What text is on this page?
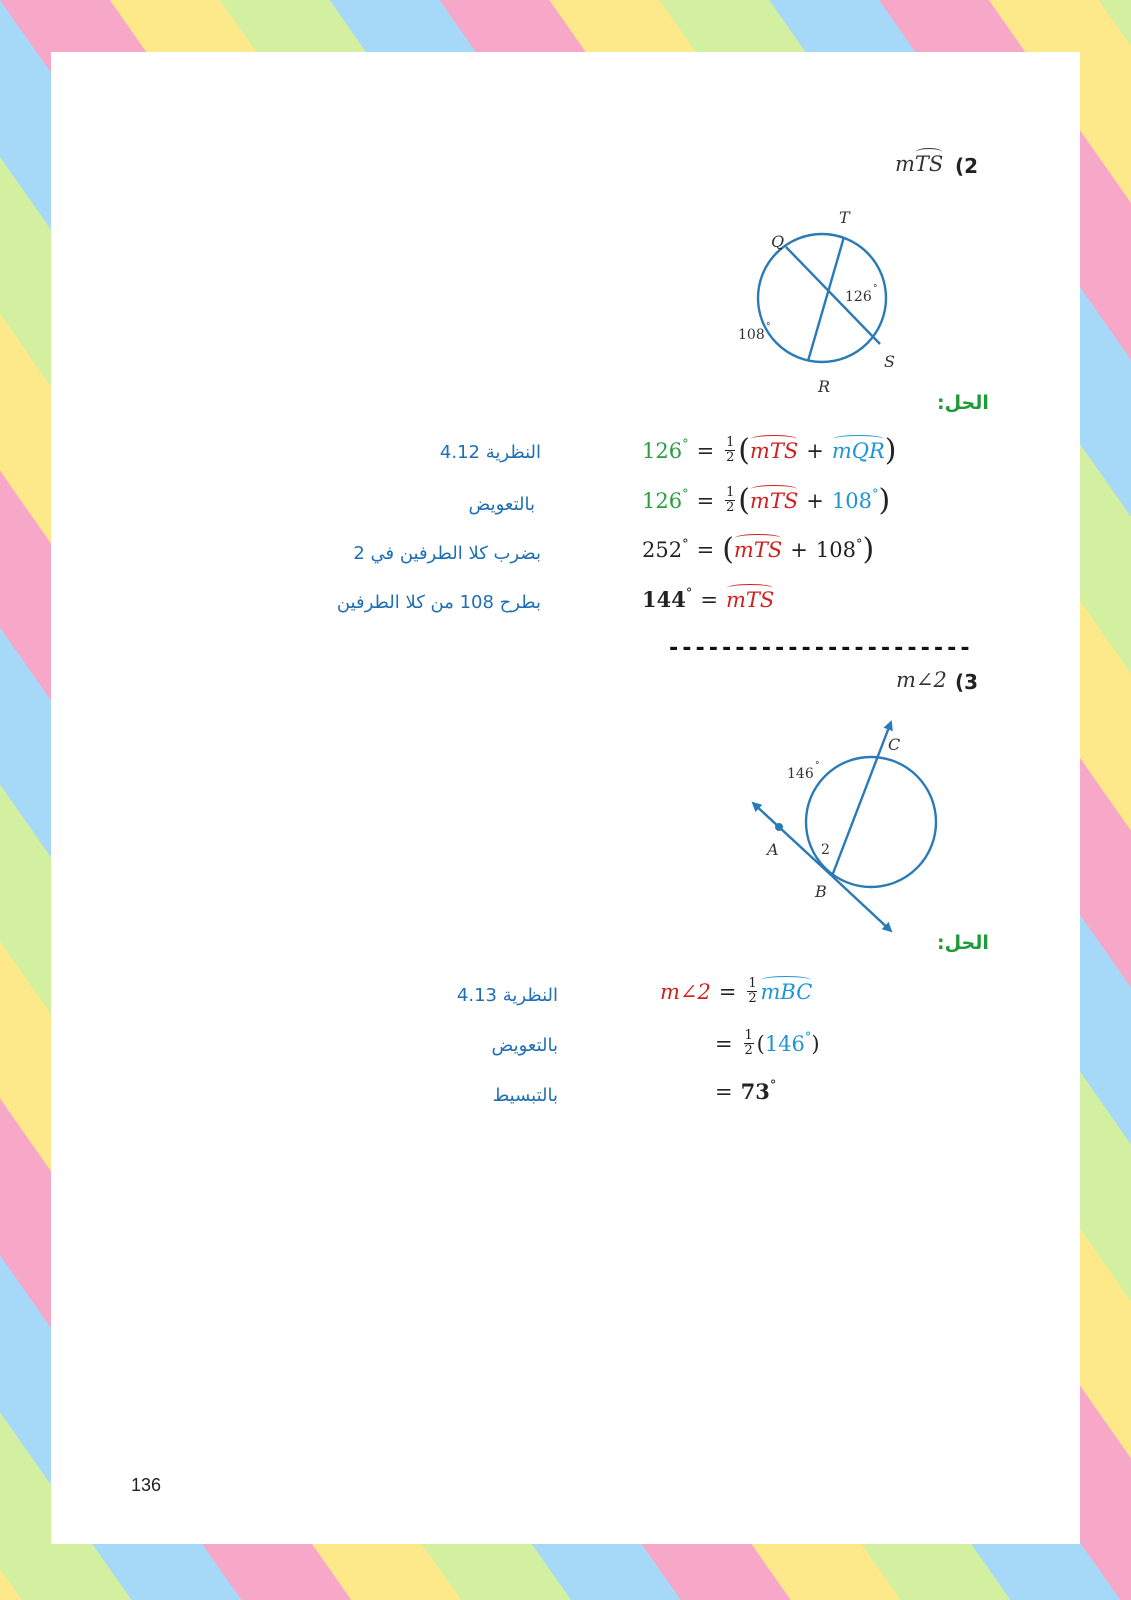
(2
mTS
T
Q
S
R
126 °
108 °
الحل:
النظرية 4.12	126 ° = $\frac{1}{2}$ ( mTS + mQR )
بالتعويض	126 ° = $\frac{1}{2}$ ( mTS + 108 ° )
بضرب كلا الطرفين في 2	252 ° = ( mTS + 108 ° )
بطرح 108 من كلا الطرفين	144 ° = mTS
-----------------------
(3
m∠2
A
B
C
2
146 °
الحل:
النظرية 4.13	m∠2 = $\frac{1}{2}$ mBC
بالتعويض	= $\frac{1}{2}$ ( 146 ° )
بالتبسيط	= 73 °
136
